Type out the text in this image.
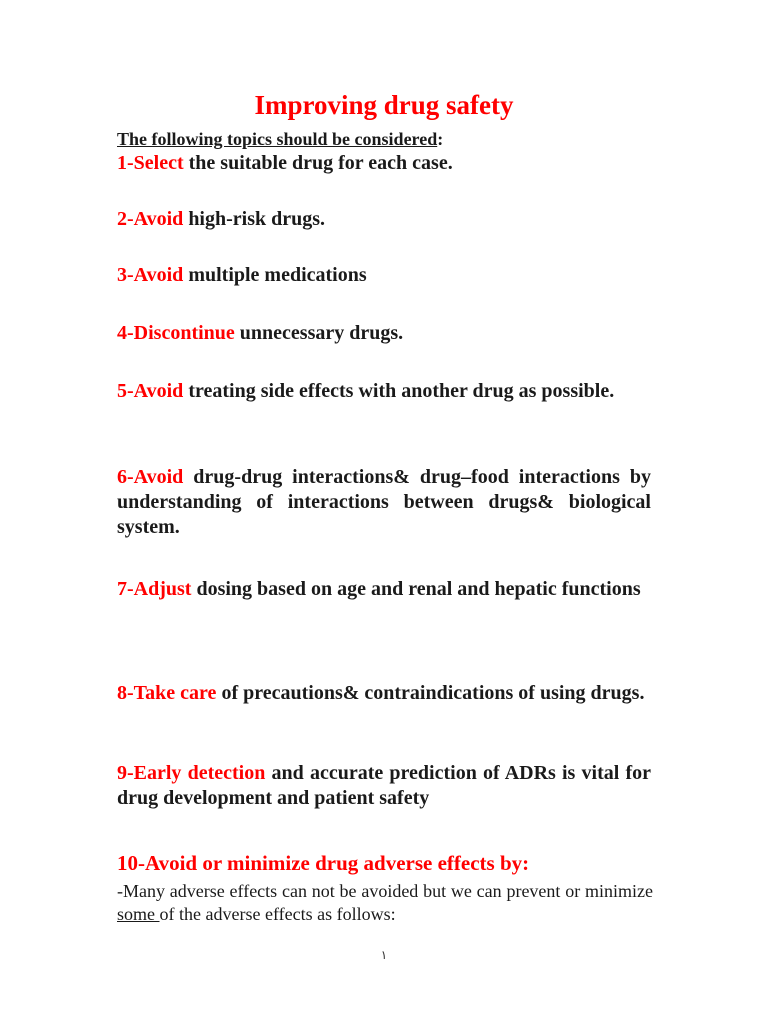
Improving drug safety
The following topics should be considered:
1-Select the suitable drug for each case.
2-Avoid high-risk drugs.
3-Avoid multiple medications
4-Discontinue unnecessary drugs.
5-Avoid treating side effects with another drug as possible.
6-Avoid drug-drug interactions& drug–food interactions by understanding of interactions between drugs& biological system.
7-Adjust dosing based on age and renal and hepatic functions
8-Take care of precautions& contraindications of using drugs.
9-Early detection and accurate prediction of ADRs is vital for drug development and patient safety
10-Avoid or minimize drug adverse effects by:
-Many adverse effects can not be avoided but we can prevent or minimize some of the adverse effects as follows:
١
